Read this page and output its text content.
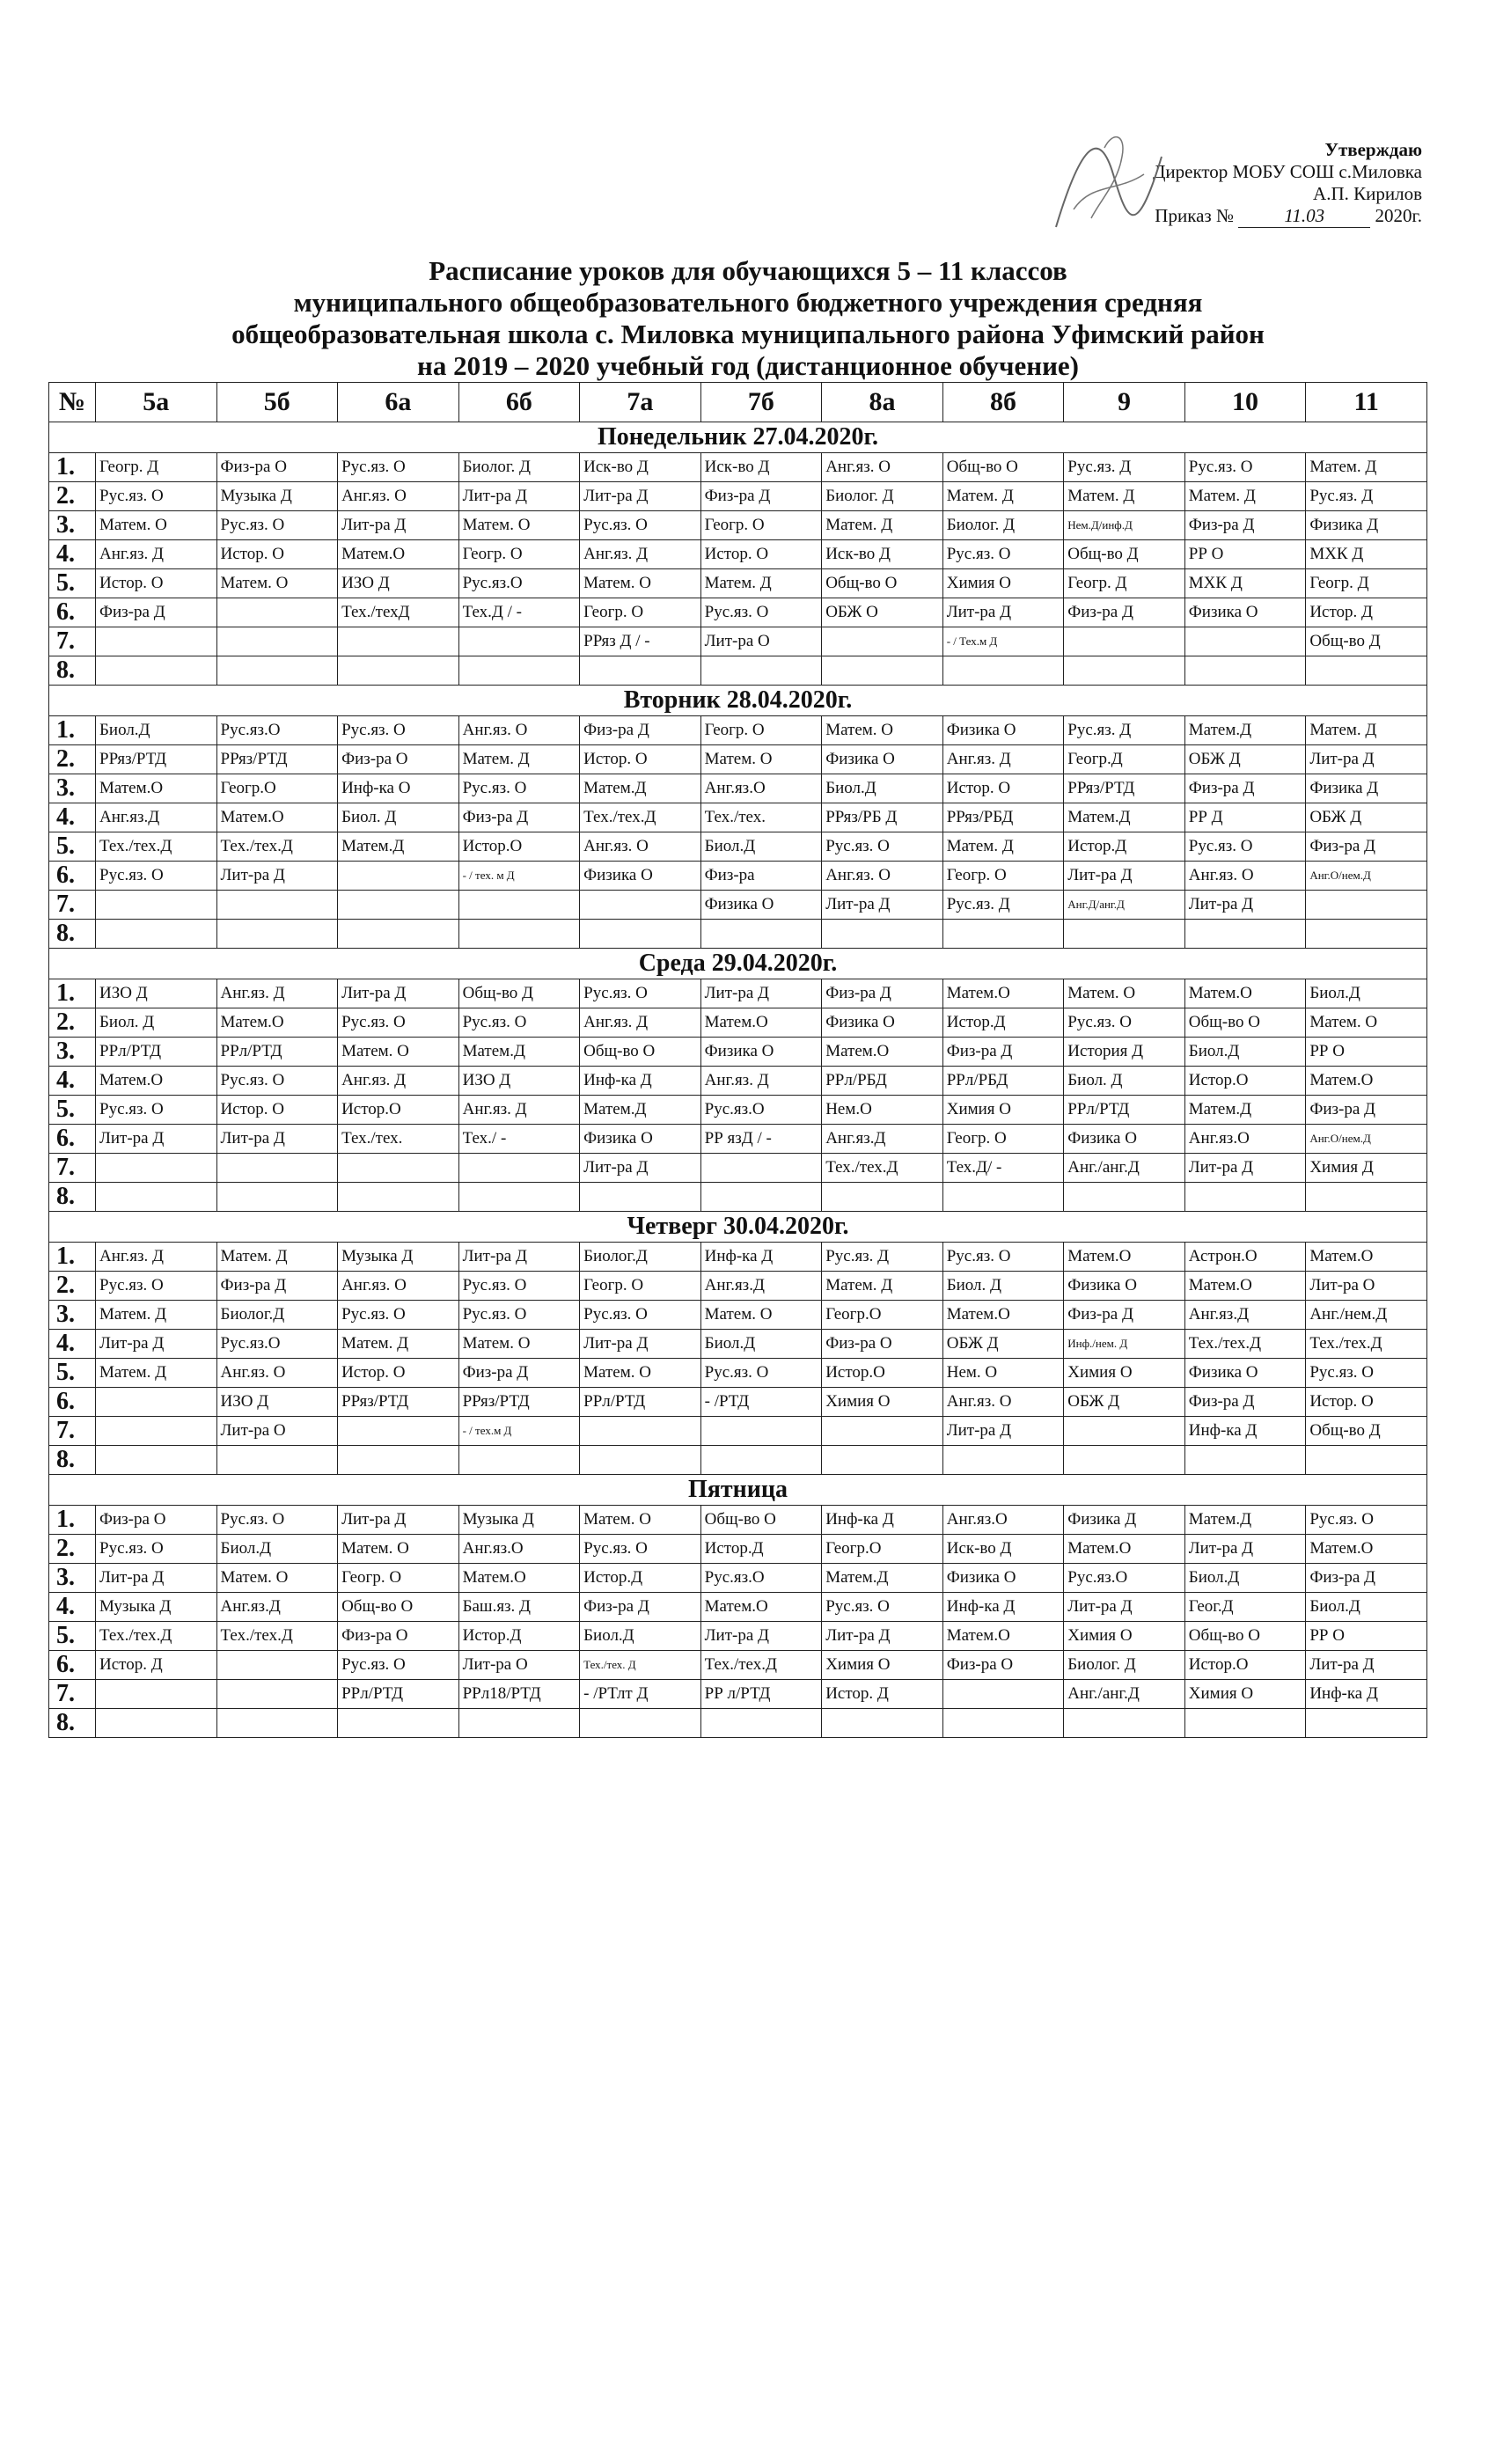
Утверждаю
Директор МОБУ СОШ с.Миловка
А.П. Кирилов
Приказ №	11.03	2020г.
Расписание уроков для обучающихся 5 – 11 классов
муниципального общеобразовательного бюджетного учреждения средняя
общеобразовательная школа с. Миловка муниципального района Уфимский район
на 2019 – 2020 учебный год (дистанционное обучение)
№	5а	5б	6а	6б	7а	7б	8а	8б	9	10	11
Понедельник 27.04.2020г.											
1.	Геогр. Д	Физ-ра О	Рус.яз. О	Биолог. Д	Иск-во Д	Иск-во Д	Анг.яз. О	Общ-во О	Рус.яз. Д	Рус.яз. О	Матем. Д
2.	Рус.яз. О	Музыка Д	Анг.яз. О	Лит-ра Д	Лит-ра Д	Физ-ра Д	Биолог. Д	Матем. Д	Матем. Д	Матем. Д	Рус.яз. Д
3.	Матем. О	Рус.яз. О	Лит-ра Д	Матем. О	Рус.яз. О	Геогр. О	Матем. Д	Биолог. Д	Нем.Д/инф.Д	Физ-ра Д	Физика Д
4.	Анг.яз. Д	Истор. О	Матем.О	Геогр. О	Анг.яз. Д	Истор. О	Иск-во Д	Рус.яз. О	Общ-во Д	РР О	МХК Д
5.	Истор. О	Матем. О	ИЗО Д	Рус.яз.О	Матем. О	Матем. Д	Общ-во О	Химия О	Геогр. Д	МХК Д	Геогр. Д
6.	Физ-ра Д		Тех./техД	Тех.Д / -	Геогр. О	Рус.яз. О	ОБЖ О	Лит-ра Д	Физ-ра Д	Физика О	Истор. Д
7.					РРяз Д / -	Лит-ра О		- / Тех.м Д			Общ-во Д
8.											
Вторник 28.04.2020г.											
1.	Биол.Д	Рус.яз.О	Рус.яз. О	Анг.яз. О	Физ-ра Д	Геогр. О	Матем. О	Физика О	Рус.яз. Д	Матем.Д	Матем. Д
2.	РРяз/РТД	РРяз/РТД	Физ-ра О	Матем. Д	Истор. О	Матем. О	Физика О	Анг.яз. Д	Геогр.Д	ОБЖ Д	Лит-ра Д
3.	Матем.О	Геогр.О	Инф-ка О	Рус.яз. О	Матем.Д	Анг.яз.О	Биол.Д	Истор. О	РРяз/РТД	Физ-ра Д	Физика Д
4.	Анг.яз.Д	Матем.О	Биол. Д	Физ-ра Д	Тех./тех.Д	Тех./тех.	РРяз/РБ Д	РРяз/РБД	Матем.Д	РР Д	ОБЖ Д
5.	Тех./тех.Д	Тех./тех.Д	Матем.Д	Истор.О	Анг.яз. О	Биол.Д	Рус.яз. О	Матем. Д	Истор.Д	Рус.яз. О	Физ-ра Д
6.	Рус.яз. О	Лит-ра Д		- / тех. м Д	Физика О	Физ-ра	Анг.яз. О	Геогр. О	Лит-ра Д	Анг.яз. О	Анг.О/нем.Д
7.						Физика О	Лит-ра Д	Рус.яз. Д	Анг.Д/анг.Д	Лит-ра Д	
8.											
Среда 29.04.2020г.											
1.	ИЗО Д	Анг.яз. Д	Лит-ра Д	Общ-во Д	Рус.яз. О	Лит-ра Д	Физ-ра Д	Матем.О	Матем. О	Матем.О	Биол.Д
2.	Биол. Д	Матем.О	Рус.яз. О	Рус.яз. О	Анг.яз. Д	Матем.О	Физика О	Истор.Д	Рус.яз. О	Общ-во О	Матем. О
3.	РРл/РТД	РРл/РТД	Матем. О	Матем.Д	Общ-во О	Физика О	Матем.О	Физ-ра Д	История Д	Биол.Д	РР О
4.	Матем.О	Рус.яз. О	Анг.яз. Д	ИЗО Д	Инф-ка Д	Анг.яз. Д	РРл/РБД	РРл/РБД	Биол. Д	Истор.О	Матем.О
5.	Рус.яз. О	Истор. О	Истор.О	Анг.яз. Д	Матем.Д	Рус.яз.О	Нем.О	Химия О	РРл/РТД	Матем.Д	Физ-ра Д
6.	Лит-ра Д	Лит-ра Д	Тех./тех.	Тех./ -	Физика О	РР язД / -	Анг.яз.Д	Геогр. О	Физика О	Анг.яз.О	Анг.О/нем.Д
7.					Лит-ра Д		Тех./тех.Д	Тех.Д/ -	Анг./анг.Д	Лит-ра Д	Химия Д
8.											
Четверг 30.04.2020г.											
1.	Анг.яз. Д	Матем. Д	Музыка Д	Лит-ра Д	Биолог.Д	Инф-ка Д	Рус.яз. Д	Рус.яз. О	Матем.О	Астрон.О	Матем.О
2.	Рус.яз. О	Физ-ра Д	Анг.яз. О	Рус.яз. О	Геогр. О	Анг.яз.Д	Матем. Д	Биол. Д	Физика О	Матем.О	Лит-ра О
3.	Матем. Д	Биолог.Д	Рус.яз. О	Рус.яз. О	Рус.яз. О	Матем. О	Геогр.О	Матем.О	Физ-ра Д	Анг.яз.Д	Анг./нем.Д
4.	Лит-ра Д	Рус.яз.О	Матем. Д	Матем. О	Лит-ра Д	Биол.Д	Физ-ра О	ОБЖ Д	Инф./нем. Д	Тех./тех.Д	Тех./тех.Д
5.	Матем. Д	Анг.яз. О	Истор. О	Физ-ра Д	Матем. О	Рус.яз. О	Истор.О	Нем. О	Химия О	Физика О	Рус.яз. О
6.		ИЗО Д	РРяз/РТД	РРяз/РТД	РРл/РТД	- /РТД	Химия О	Анг.яз. О	ОБЖ Д	Физ-ра Д	Истор. О
7.		Лит-ра О		- / тех.м Д				Лит-ра Д		Инф-ка Д	Общ-во Д
8.											
Пятница											
1.	Физ-ра О	Рус.яз. О	Лит-ра Д	Музыка Д	Матем. О	Общ-во О	Инф-ка Д	Анг.яз.О	Физика Д	Матем.Д	Рус.яз. О
2.	Рус.яз. О	Биол.Д	Матем. О	Анг.яз.О	Рус.яз. О	Истор.Д	Геогр.О	Иск-во Д	Матем.О	Лит-ра Д	Матем.О
3.	Лит-ра Д	Матем. О	Геогр. О	Матем.О	Истор.Д	Рус.яз.О	Матем.Д	Физика О	Рус.яз.О	Биол.Д	Физ-ра Д
4.	Музыка Д	Анг.яз.Д	Общ-во О	Баш.яз. Д	Физ-ра Д	Матем.О	Рус.яз. О	Инф-ка Д	Лит-ра Д	Геог.Д	Биол.Д
5.	Тех./тех.Д	Тех./тех.Д	Физ-ра О	Истор.Д	Биол.Д	Лит-ра Д	Лит-ра Д	Матем.О	Химия О	Общ-во О	РР О
6.	Истор. Д		Рус.яз. О	Лит-ра О	Тех./тех. Д	Тех./тех.Д	Химия О	Физ-ра О	Биолог. Д	Истор.О	Лит-ра Д
7.			РРл/РТД	РРл18/РТД	- /РТлт Д	РР л/РТД	Истор. Д		Анг./анг.Д	Химия О	Инф-ка Д
8.											
